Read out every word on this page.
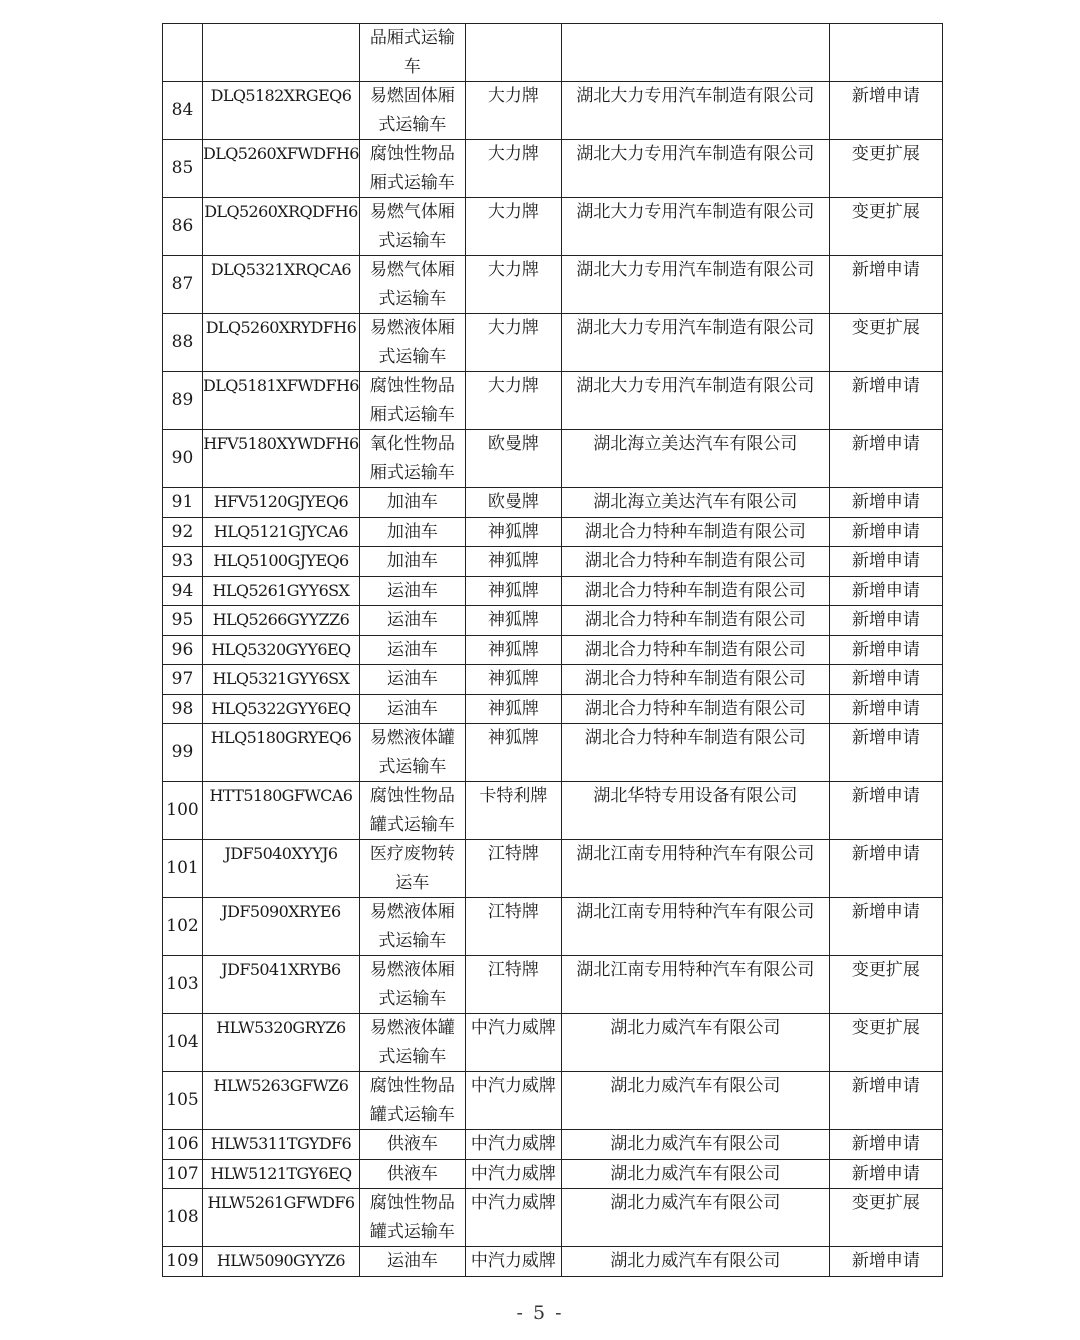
		品厢式运输车			
84	DLQ5182XRGEQ6	易燃固体厢式运输车	大力牌	湖北大力专用汽车制造有限公司	新增申请
85	DLQ5260XFWDFH6	腐蚀性物品厢式运输车	大力牌	湖北大力专用汽车制造有限公司	变更扩展
86	DLQ5260XRQDFH6	易燃气体厢式运输车	大力牌	湖北大力专用汽车制造有限公司	变更扩展
87	DLQ5321XRQCA6	易燃气体厢式运输车	大力牌	湖北大力专用汽车制造有限公司	新增申请
88	DLQ5260XRYDFH6	易燃液体厢式运输车	大力牌	湖北大力专用汽车制造有限公司	变更扩展
89	DLQ5181XFWDFH6	腐蚀性物品厢式运输车	大力牌	湖北大力专用汽车制造有限公司	新增申请
90	HFV5180XYWDFH6	氧化性物品厢式运输车	欧曼牌	湖北海立美达汽车有限公司	新增申请
91	HFV5120GJYEQ6	加油车	欧曼牌	湖北海立美达汽车有限公司	新增申请
92	HLQ5121GJYCA6	加油车	神狐牌	湖北合力特种车制造有限公司	新增申请
93	HLQ5100GJYEQ6	加油车	神狐牌	湖北合力特种车制造有限公司	新增申请
94	HLQ5261GYY6SX	运油车	神狐牌	湖北合力特种车制造有限公司	新增申请
95	HLQ5266GYYZZ6	运油车	神狐牌	湖北合力特种车制造有限公司	新增申请
96	HLQ5320GYY6EQ	运油车	神狐牌	湖北合力特种车制造有限公司	新增申请
97	HLQ5321GYY6SX	运油车	神狐牌	湖北合力特种车制造有限公司	新增申请
98	HLQ5322GYY6EQ	运油车	神狐牌	湖北合力特种车制造有限公司	新增申请
99	HLQ5180GRYEQ6	易燃液体罐式运输车	神狐牌	湖北合力特种车制造有限公司	新增申请
100	HTT5180GFWCA6	腐蚀性物品罐式运输车	卡特利牌	湖北华特专用设备有限公司	新增申请
101	JDF5040XYYJ6	医疗废物转运车	江特牌	湖北江南专用特种汽车有限公司	新增申请
102	JDF5090XRYE6	易燃液体厢式运输车	江特牌	湖北江南专用特种汽车有限公司	新增申请
103	JDF5041XRYB6	易燃液体厢式运输车	江特牌	湖北江南专用特种汽车有限公司	变更扩展
104	HLW5320GRYZ6	易燃液体罐式运输车	中汽力威牌	湖北力威汽车有限公司	变更扩展
105	HLW5263GFWZ6	腐蚀性物品罐式运输车	中汽力威牌	湖北力威汽车有限公司	新增申请
106	HLW5311TGYDF6	供液车	中汽力威牌	湖北力威汽车有限公司	新增申请
107	HLW5121TGY6EQ	供液车	中汽力威牌	湖北力威汽车有限公司	新增申请
108	HLW5261GFWDF6	腐蚀性物品罐式运输车	中汽力威牌	湖北力威汽车有限公司	变更扩展
109	HLW5090GYYZ6	运油车	中汽力威牌	湖北力威汽车有限公司	新增申请
- 5 -
